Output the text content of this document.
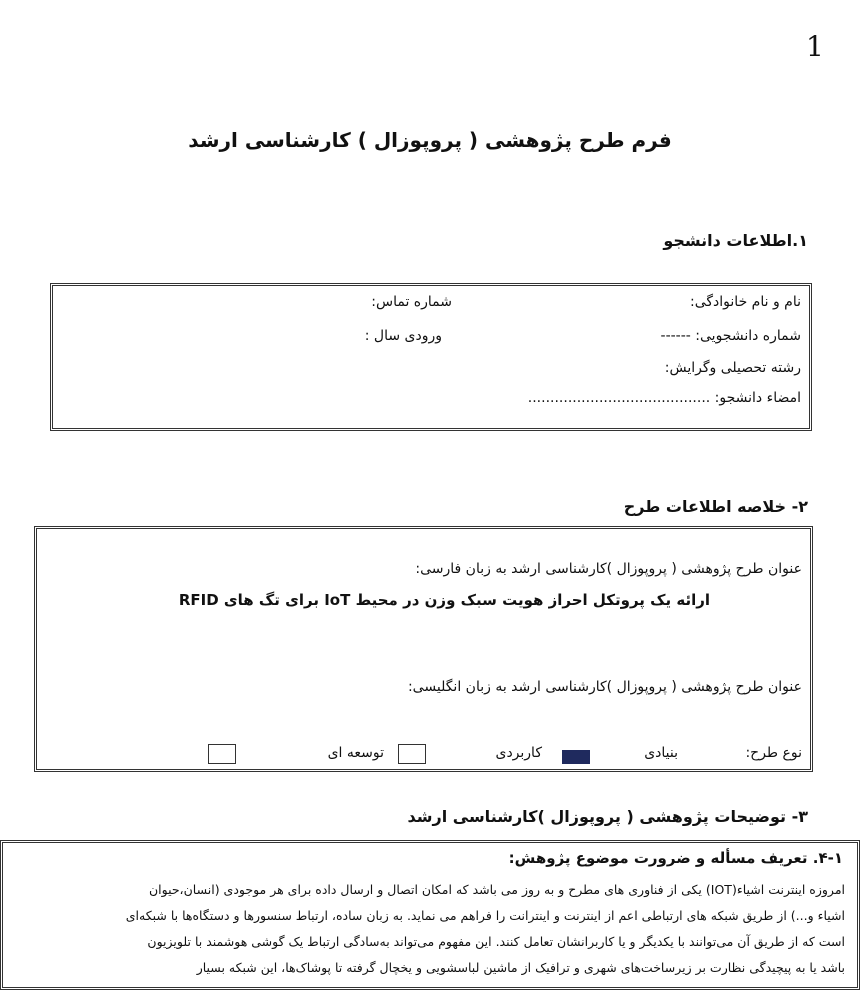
1
فرم طرح پژوهشی ( پروپوزال ) کارشناسی ارشد
۱.اطلاعات دانشجو
نام و نام خانوادگی:
شماره تماس:
شماره دانشجویی: ------
ورودی سال :
رشته تحصیلی وگرایش:
امضاء دانشجو: .........................................
۲- خلاصه اطلاعات طرح
عنوان طرح پژوهشی ( پروپوزال )کارشناسی ارشد به زبان فارسی:
ارائه یک پروتکل احراز هویت سبک وزن در محیط IoT برای تگ های RFID
عنوان طرح پژوهشی ( پروپوزال )کارشناسی ارشد به زبان انگلیسی:
نوع طرح:
بنیادی
کاربردی
توسعه ای
۳- توضیحات پژوهشی ( پروپوزال )کارشناسی ارشد
۴-۱. تعریف مسأله و ضرورت موضوع پژوهش:
امروزه اینترنت اشیاء(IOT) یکی از فناوری های مطرح و به روز می باشد که امکان اتصال و ارسال داده برای هر موجودی (انسان،حیوان
اشیاء و...) از طریق شبکه های ارتباطی اعم از اینترنت و اینترانت را فراهم می نماید. به زبان ساده، ارتباط سنسورها و دستگاه‌ها با شبکه‌ای
است که از طریق آن می‌توانند با یکدیگر و یا کاربرانشان تعامل کنند. این مفهوم می‌تواند به‌سادگی ارتباط یک گوشی هوشمند با تلویزیون
باشد یا به پیچیدگی نظارت بر زیرساخت‌های شهری و ترافیک از ماشین لباسشویی و یخچال گرفته تا پوشاک‌ها، این شبکه بسیار
